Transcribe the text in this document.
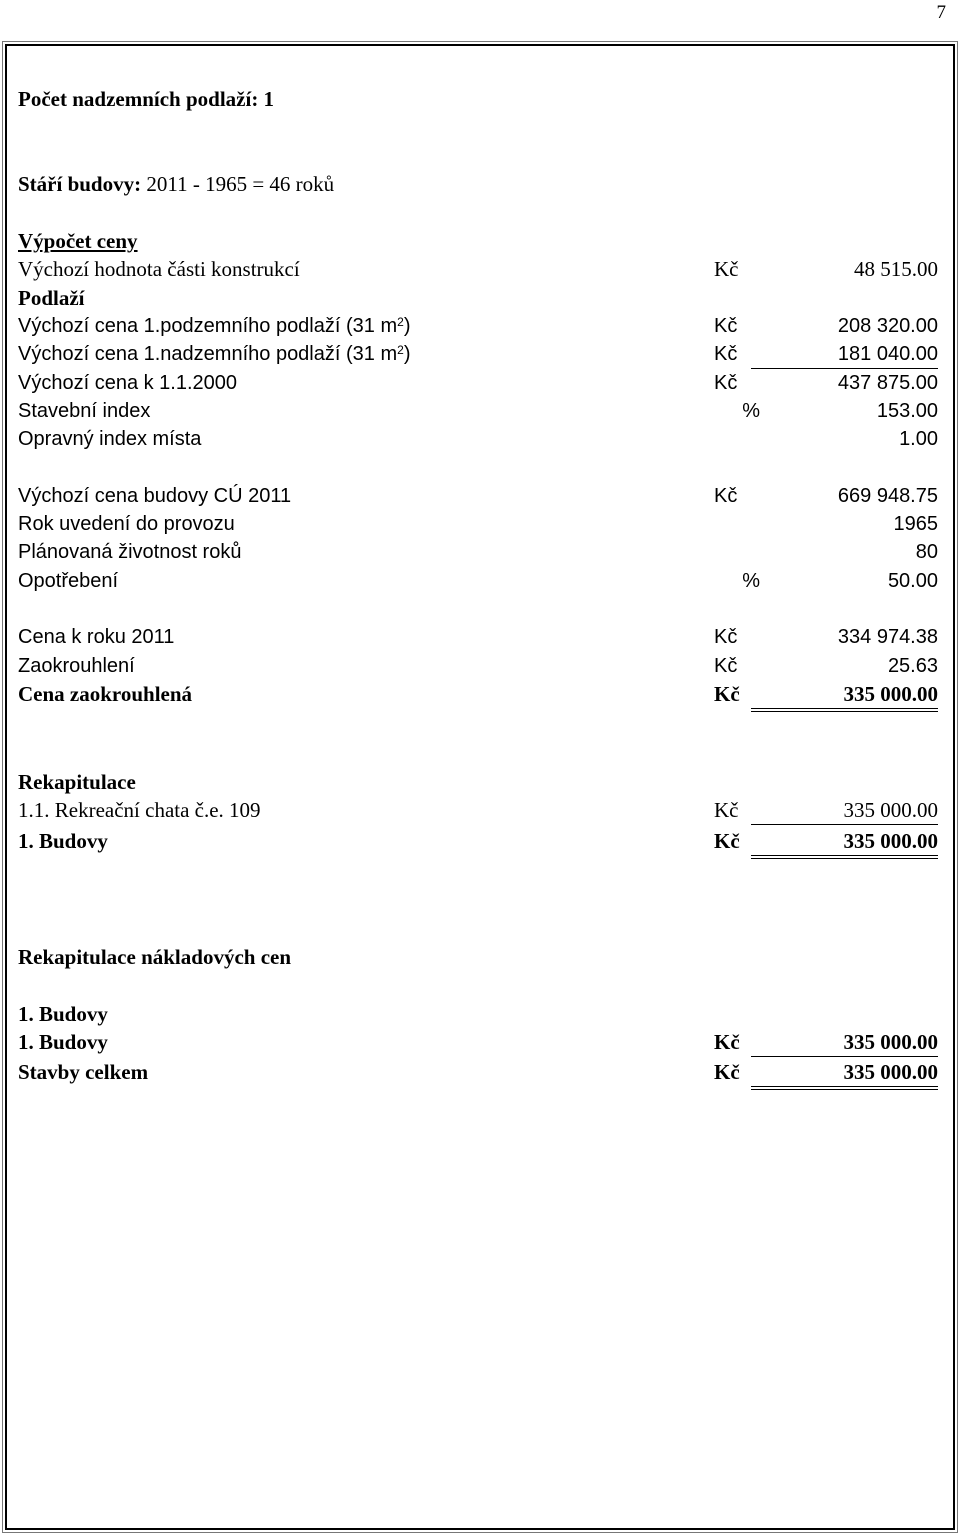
7
Počet nadzemních podlaží: 1
Stáří budovy: 2011 - 1965 = 46 roků
Výpočet ceny
Výchozí hodnota části konstrukcí	Kč	48 515.00
Podlaží
Výchozí cena 1.podzemního podlaží (31 $m^2$)	Kč	208 320.00
Výchozí cena 1.nadzemního podlaží (31 $m^2$)	Kč	181 040.00
Výchozí cena k 1.1.2000	Kč	437 875.00
Stavební index	%	153.00
Opravný index místa	1.00
Výchozí cena budovy CÚ 2011	Kč	669 948.75
Rok uvedení do provozu	1965
Plánovaná životnost roků	80
Opotřebení	%	50.00
Cena k roku 2011	Kč	334 974.38
Zaokrouhlení	Kč	25.63
Cena zaokrouhlená	Kč	335 000.00
Rekapitulace
1.1. Rekreační chata č.e. 109	Kč	335 000.00
1. Budovy	Kč	335 000.00
Rekapitulace nákladových cen
1. Budovy
1. Budovy	Kč	335 000.00
Stavby celkem	Kč	335 000.00
